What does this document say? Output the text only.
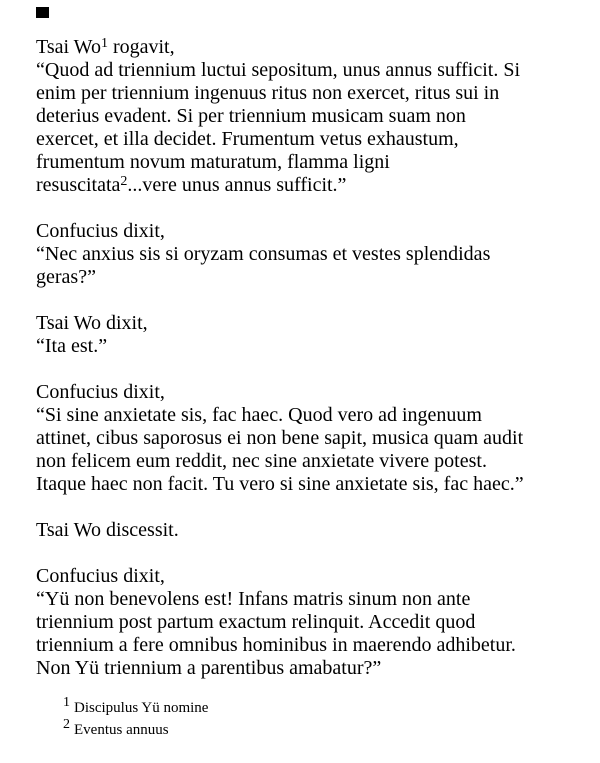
Tsai Wo$^1$ rogavit,
“Quod ad triennium luctui sepositum, unus annus sufficit. Si
enim per triennium ingenuus ritus non exercet, ritus sui in
deterius evadent. Si per triennium musicam suam non
exercet, et illa decidet. Frumentum vetus exhaustum,
frumentum novum maturatum, flamma ligni
resuscitata$^2$...vere unus annus sufficit.”

Confucius dixit,
“Nec anxius sis si oryzam consumas et vestes splendidas
geras?”

Tsai Wo dixit,
“Ita est.”

Confucius dixit,
“Si sine anxietate sis, fac haec. Quod vero ad ingenuum
attinet, cibus saporosus ei non bene sapit, musica quam audit
non felicem eum reddit, nec sine anxietate vivere potest.
Itaque haec non facit. Tu vero si sine anxietate sis, fac haec.”

Tsai Wo discessit.

Confucius dixit,
“Yü non benevolens est! Infans matris sinum non ante
triennium post partum exactum relinquit. Accedit quod
triennium a fere omnibus hominibus in maerendo adhibetur.
Non Yü triennium a parentibus amabatur?”

$^1$ Discipulus Yü nomine
$^2$ Eventus annuus
